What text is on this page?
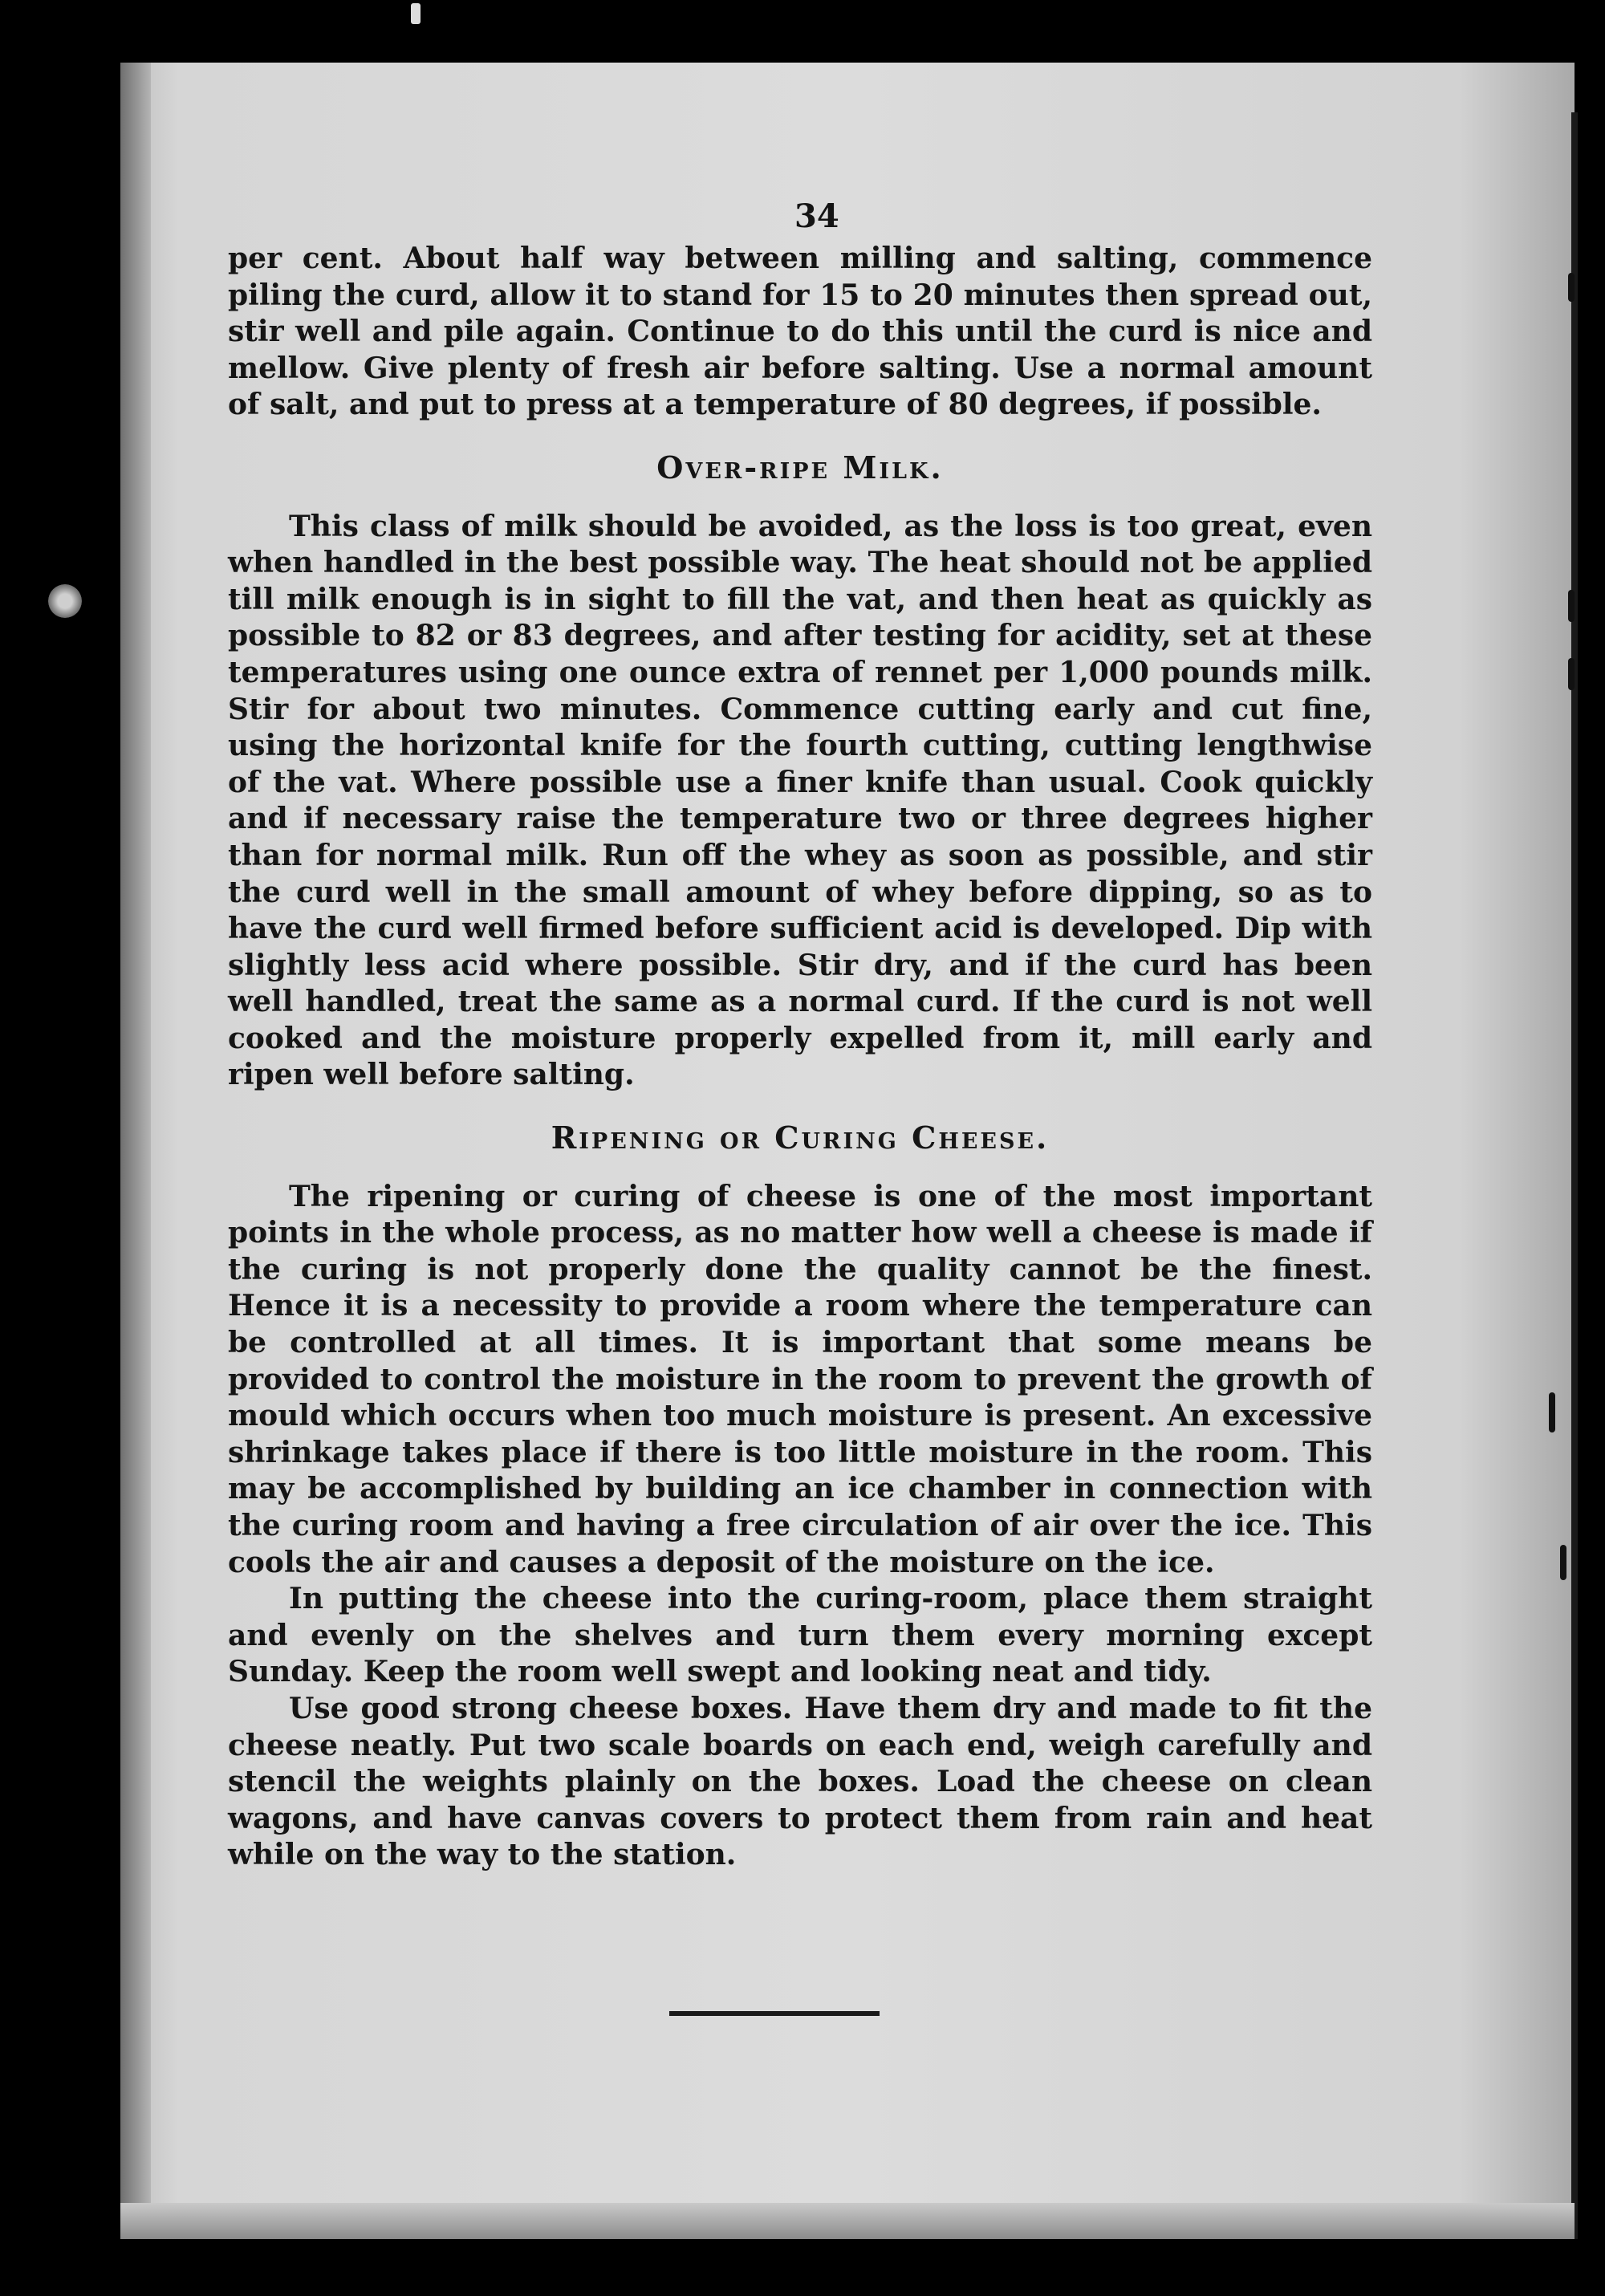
34

per cent. About half way between milling and salting, commence piling the curd, allow it to stand for 15 to 20 minutes then spread out, stir well and pile again. Continue to do this until the curd is nice and mellow. Give plenty of fresh air before salting. Use a normal amount of salt, and put to press at a temperature of 80 degrees, if possible.

Over-ripe Milk.

This class of milk should be avoided, as the loss is too great, even when handled in the best possible way. The heat should not be applied till milk enough is in sight to fill the vat, and then heat as quickly as possible to 82 or 83 degrees, and after testing for acidity, set at these temperatures using one ounce extra of rennet per 1,000 pounds milk. Stir for about two minutes. Commence cutting early and cut fine, using the horizontal knife for the fourth cutting, cutting lengthwise of the vat. Where possible use a finer knife than usual. Cook quickly and if necessary raise the temperature two or three degrees higher than for normal milk. Run off the whey as soon as possible, and stir the curd well in the small amount of whey before dipping, so as to have the curd well firmed before sufficient acid is developed. Dip with slightly less acid where possible. Stir dry, and if the curd has been well handled, treat the same as a normal curd. If the curd is not well cooked and the moisture properly expelled from it, mill early and ripen well before salting.

Ripening or Curing Cheese.

The ripening or curing of cheese is one of the most important points in the whole process, as no matter how well a cheese is made if the curing is not properly done the quality cannot be the finest. Hence it is a necessity to provide a room where the temperature can be controlled at all times. It is important that some means be provided to control the moisture in the room to prevent the growth of mould which occurs when too much moisture is present. An excessive shrinkage takes place if there is too little moisture in the room. This may be accomplished by building an ice chamber in connection with the curing room and having a free circulation of air over the ice. This cools the air and causes a deposit of the moisture on the ice.

In putting the cheese into the curing-room, place them straight and evenly on the shelves and turn them every morning except Sunday. Keep the room well swept and looking neat and tidy.

Use good strong cheese boxes. Have them dry and made to fit the cheese neatly. Put two scale boards on each end, weigh carefully and stencil the weights plainly on the boxes. Load the cheese on clean wagons, and have canvas covers to protect them from rain and heat while on the way to the station.
